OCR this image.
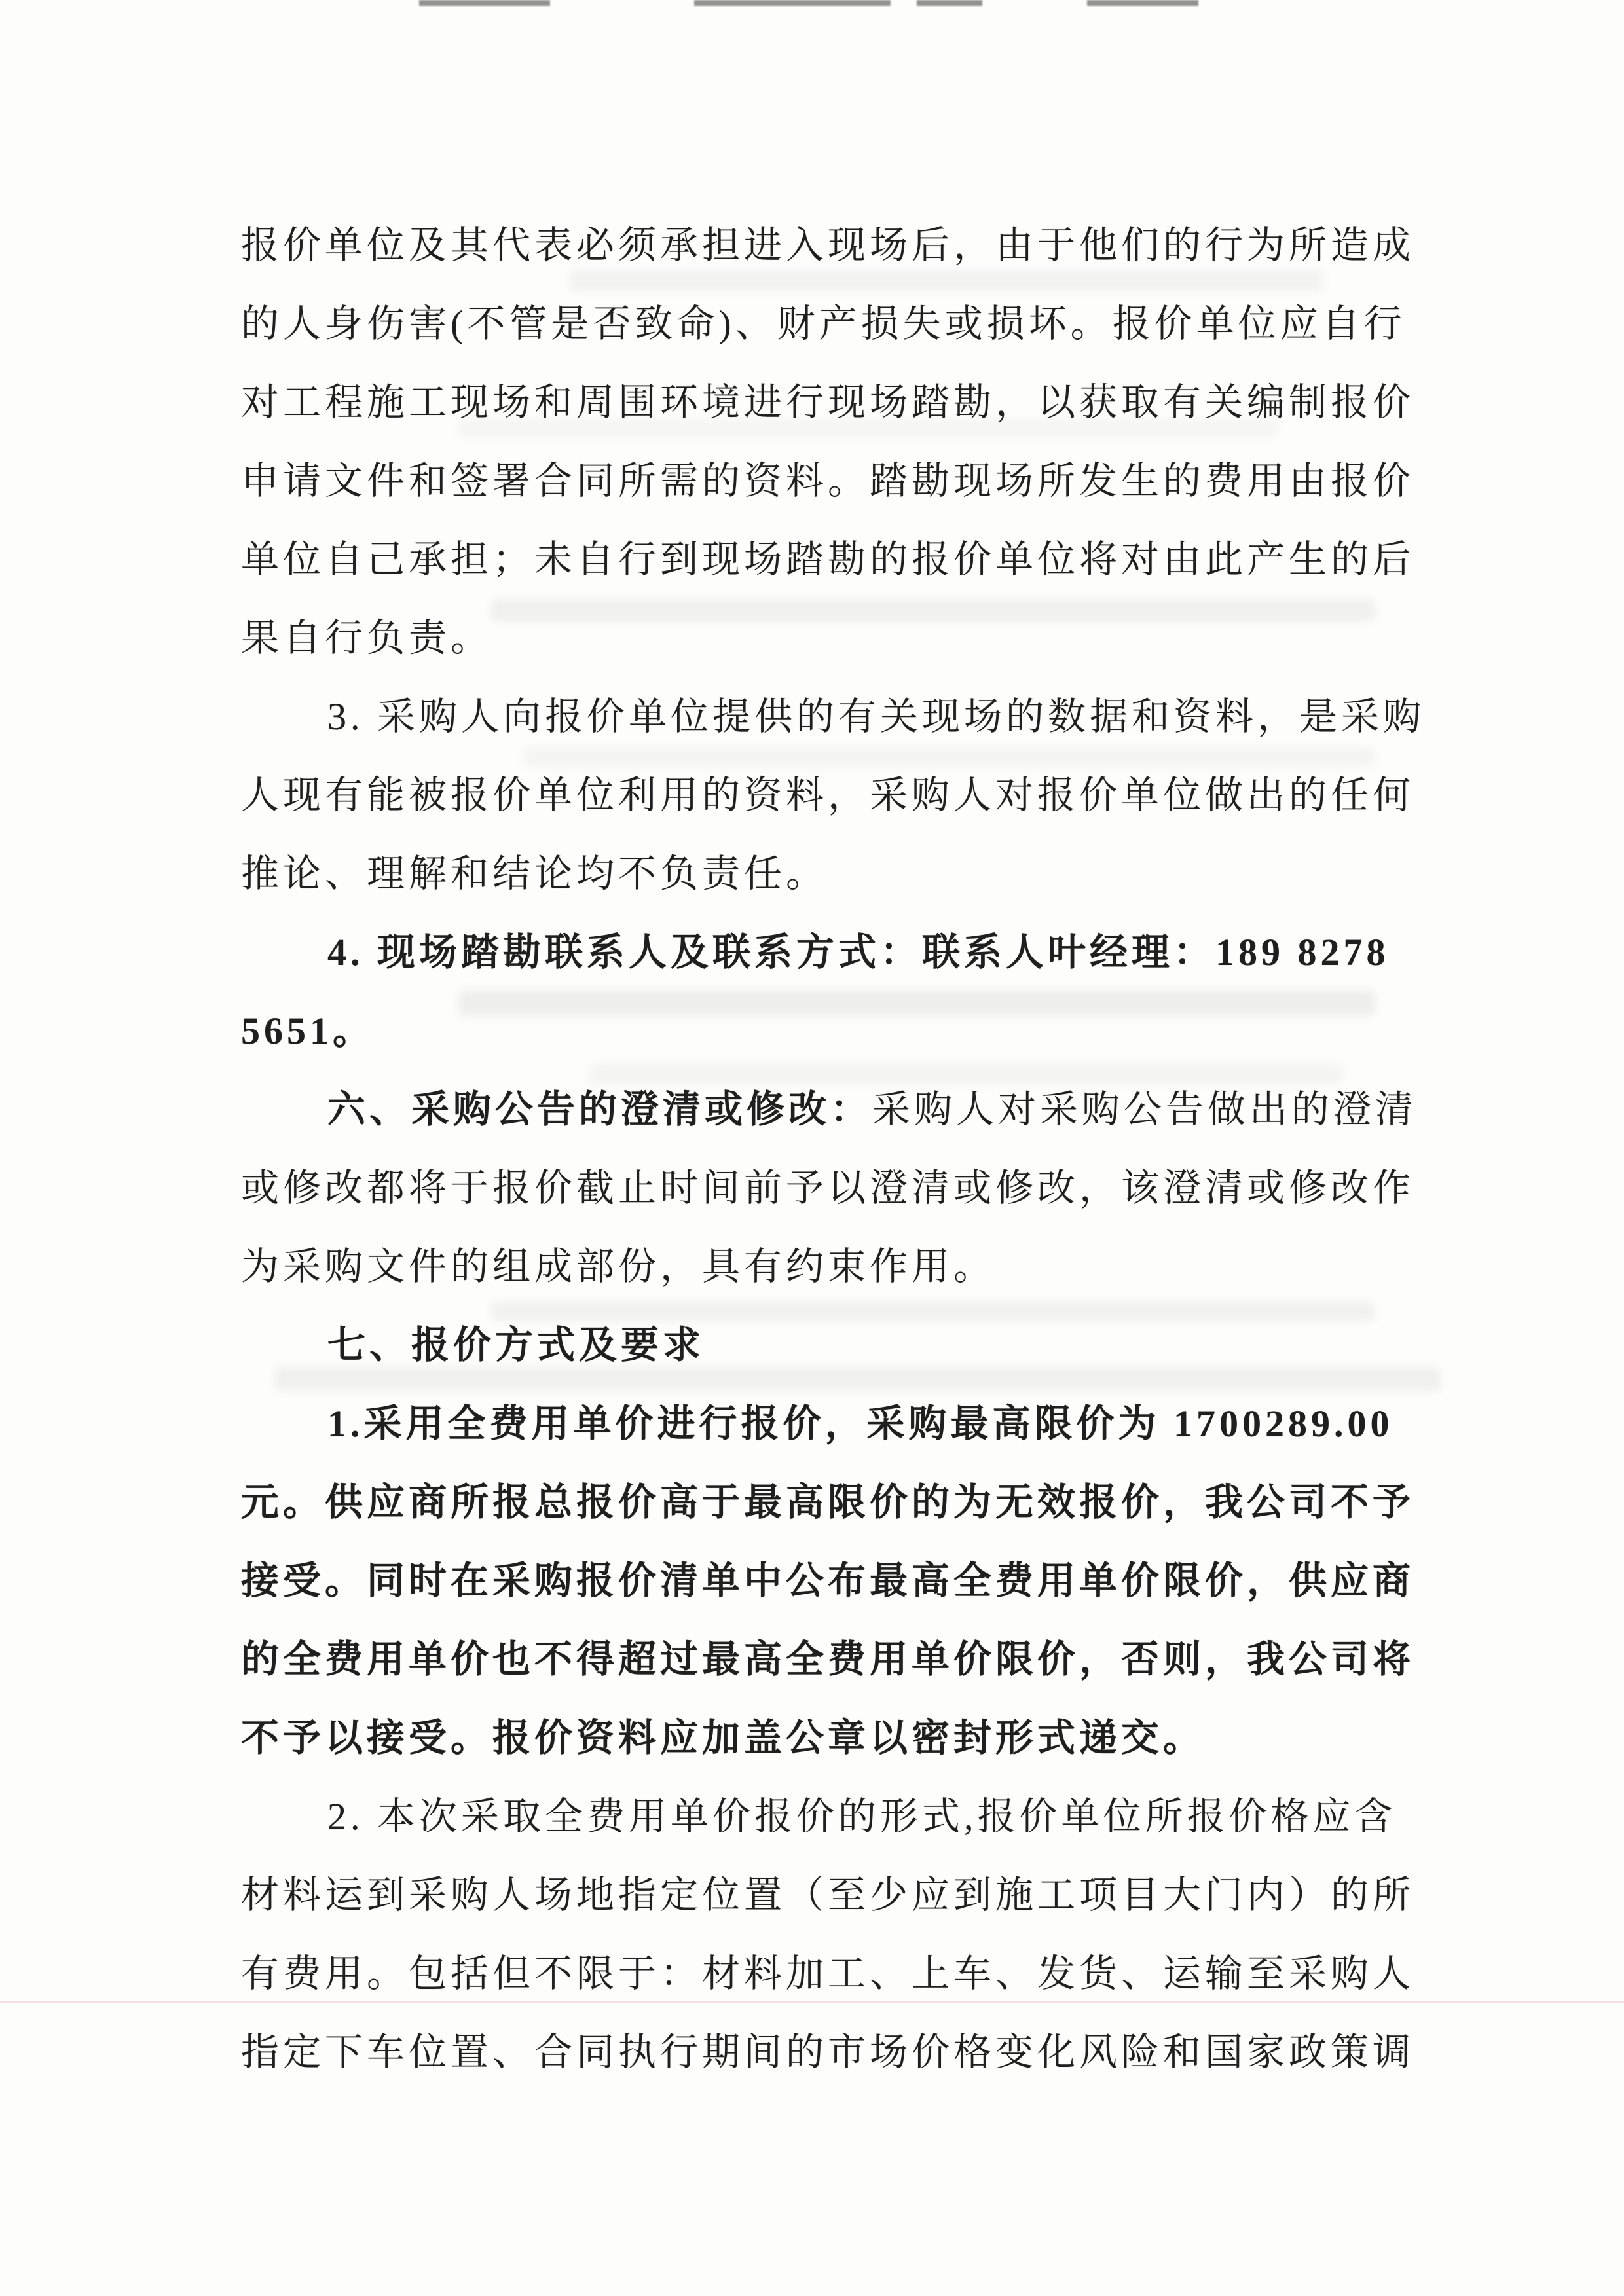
报价单位及其代表必须承担进入现场后，由于他们的行为所造成
的人身伤害(不管是否致命)、财产损失或损坏。报价单位应自行
对工程施工现场和周围环境进行现场踏勘，以获取有关编制报价
申请文件和签署合同所需的资料。踏勘现场所发生的费用由报价
单位自己承担；未自行到现场踏勘的报价单位将对由此产生的后
果自行负责。
3. 采购人向报价单位提供的有关现场的数据和资料，是采购
人现有能被报价单位利用的资料，采购人对报价单位做出的任何
推论、理解和结论均不负责任。
4. 现场踏勘联系人及联系方式：联系人叶经理：189 8278
5651。
六、采购公告的澄清或修改：采购人对采购公告做出的澄清
或修改都将于报价截止时间前予以澄清或修改，该澄清或修改作
为采购文件的组成部份，具有约束作用。
七、报价方式及要求
1.采用全费用单价进行报价，采购最高限价为 1700289.00
元。供应商所报总报价高于最高限价的为无效报价，我公司不予
接受。同时在采购报价清单中公布最高全费用单价限价，供应商
的全费用单价也不得超过最高全费用单价限价，否则，我公司将
不予以接受。报价资料应加盖公章以密封形式递交。
2. 本次采取全费用单价报价的形式,报价单位所报价格应含
材料运到采购人场地指定位置（至少应到施工项目大门内）的所
有费用。包括但不限于：材料加工、上车、发货、运输至采购人
指定下车位置、合同执行期间的市场价格变化风险和国家政策调
